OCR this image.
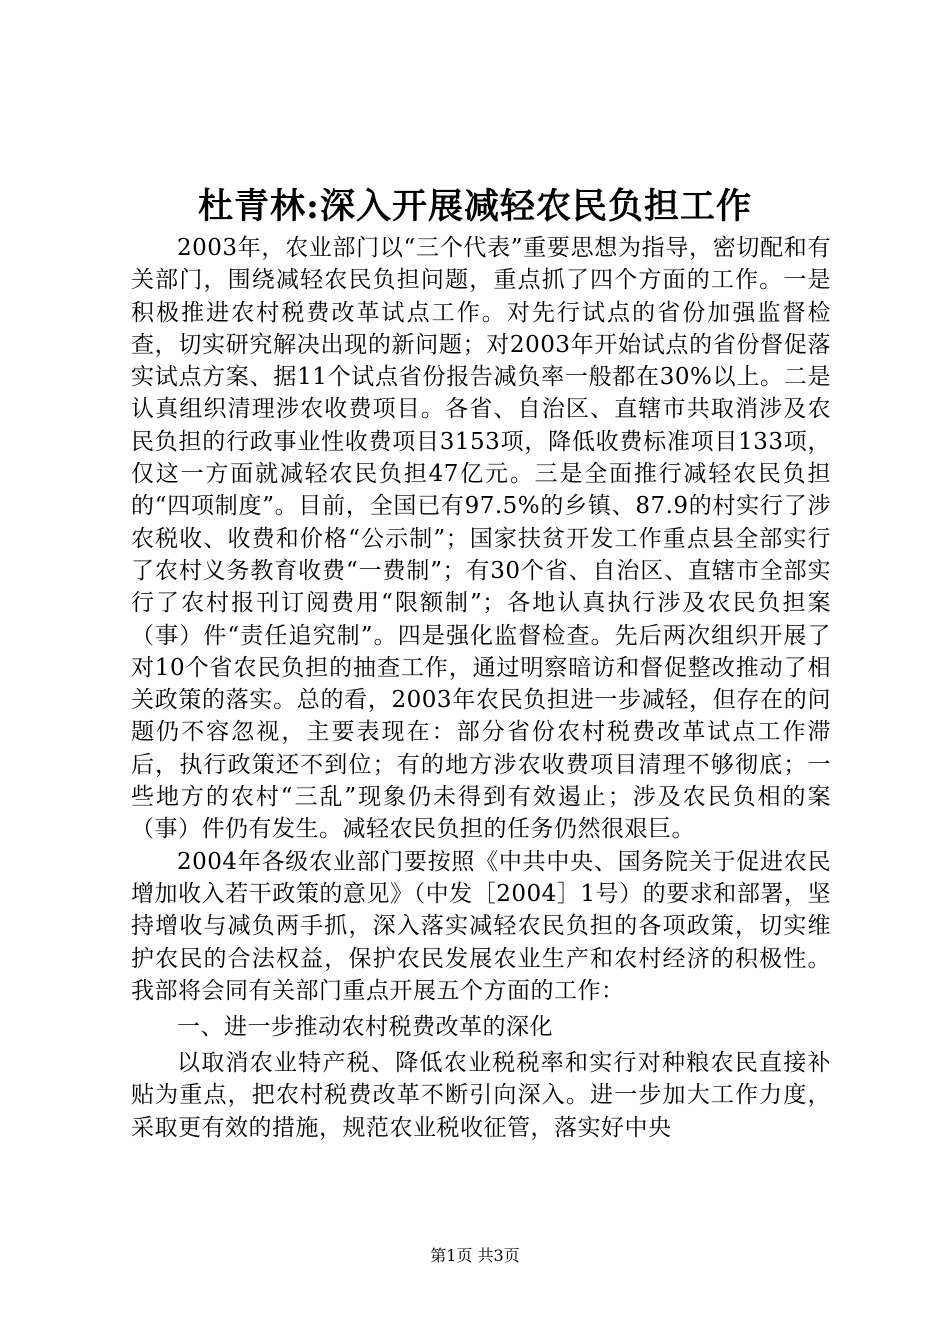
杜青林:深入开展减轻农民负担工作

2003年，农业部门以“三个代表”重要思想为指导，密切配和有关部门，围绕减轻农民负担问题，重点抓了四个方面的工作。一是积极推进农村税费改革试点工作。对先行试点的省份加强监督检查，切实研究解决出现的新问题；对2003年开始试点的省份督促落实试点方案、据11个试点省份报告减负率一般都在30%以上。二是认真组织清理涉农收费项目。各省、自治区、直辖市共取消涉及农民负担的行政事业性收费项目3153项，降低收费标准项目133项，仅这一方面就减轻农民负担47亿元。三是全面推行减轻农民负担的“四项制度”。目前，全国已有97.5%的乡镇、87.9的村实行了涉农税收、收费和价格“公示制”；国家扶贫开发工作重点县全部实行了农村义务教育收费“一费制”；有30个省、自治区、直辖市全部实行了农村报刊订阅费用“限额制”；各地认真执行涉及农民负担案（事）件“责任追究制”。四是强化监督检查。先后两次组织开展了对10个省农民负担的抽查工作，通过明察暗访和督促整改推动了相关政策的落实。总的看，2003年农民负担进一步减轻，但存在的问题仍不容忽视，主要表现在：部分省份农村税费改革试点工作滞后，执行政策还不到位；有的地方涉农收费项目清理不够彻底；一些地方的农村“三乱”现象仍未得到有效遏止；涉及农民负相的案（事）件仍有发生。减轻农民负担的任务仍然很艰巨。

2004年各级农业部门要按照《中共中央、国务院关于促进农民增加收入若干政策的意见》（中发［2004］1号）的要求和部署，坚持增收与减负两手抓，深入落实减轻农民负担的各项政策，切实维护农民的合法权益，保护农民发展农业生产和农村经济的积极性。我部将会同有关部门重点开展五个方面的工作：

一、进一步推动农村税费改革的深化

以取消农业特产税、降低农业税税率和实行对种粮农民直接补贴为重点，把农村税费改革不断引向深入。进一步加大工作力度，采取更有效的措施，规范农业税收征管，落实好中央

第1页 共3页
